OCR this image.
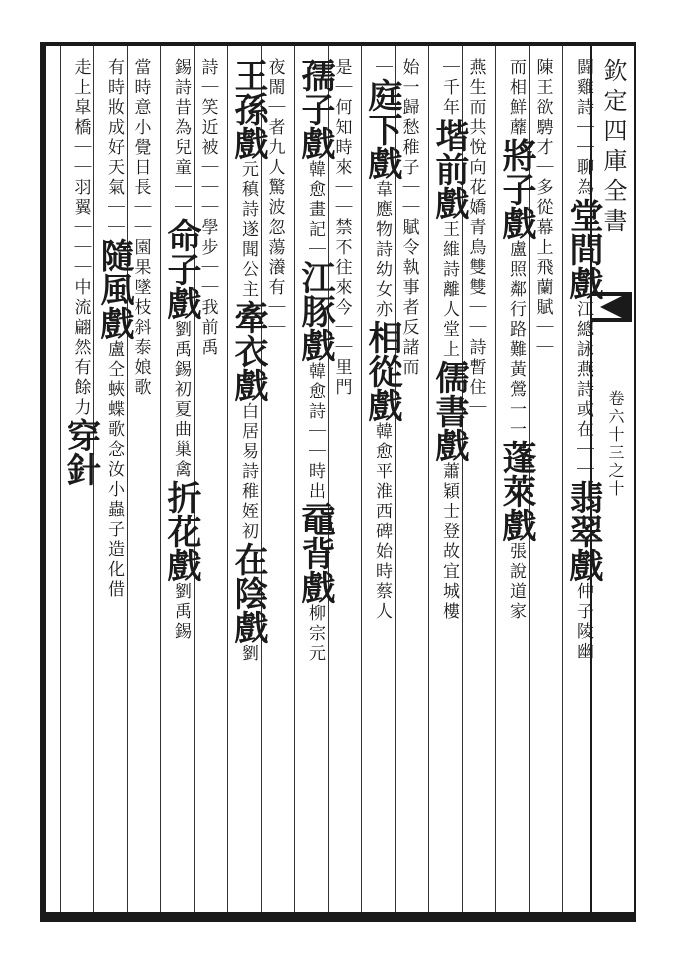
欽定四庫全書
卷六十三之十
闘雞詩｜｜聊為堂間戲江總詠燕詩或在｜｜翡翠戲仲子陵幽
陳王欲騁才｜多從幕上飛蘭賦｜｜
而相鮮蘼將子戲盧照鄰行路難黃鶯一一蓬萊戲張說道家
燕生而共悅向花嬌青鳥雙雙｜｜詩暫住｜
｜千年堦前戲王維詩離人堂上儒書戲蕭穎士登故宜城樓
始一歸愁稚子｜｜賦令執事者反諸而
｜庭下戲韋應物詩幼女亦相從戲韓愈平淮西碑始時蔡人
是｜何知時來｜｜禁不往來今｜｜里門
孺子戲韓愈畫記｜江豚戲韓愈詩｜｜時出黿背戲柳宗元
夜閙｜者九人驚波忽蕩瀁有｜｜
王孫戲元稹詩遂聞公主牽衣戲白居易詩稚姪初在陰戲劉
詩｜笑近被｜｜｜學步｜｜我前禹
錫詩昔為兒童｜｜命子戲劉禹錫初夏曲巢禽折花戲劉禹錫
當時意小覺日長｜｜園果墜枝斜泰娘歌
有時妝成好天氣｜｜隨風戲盧仝蛺蝶歌念汝小蟲子造化借
走上皐橋｜｜羽翼｜｜｜中流翩然有餘力穿針
